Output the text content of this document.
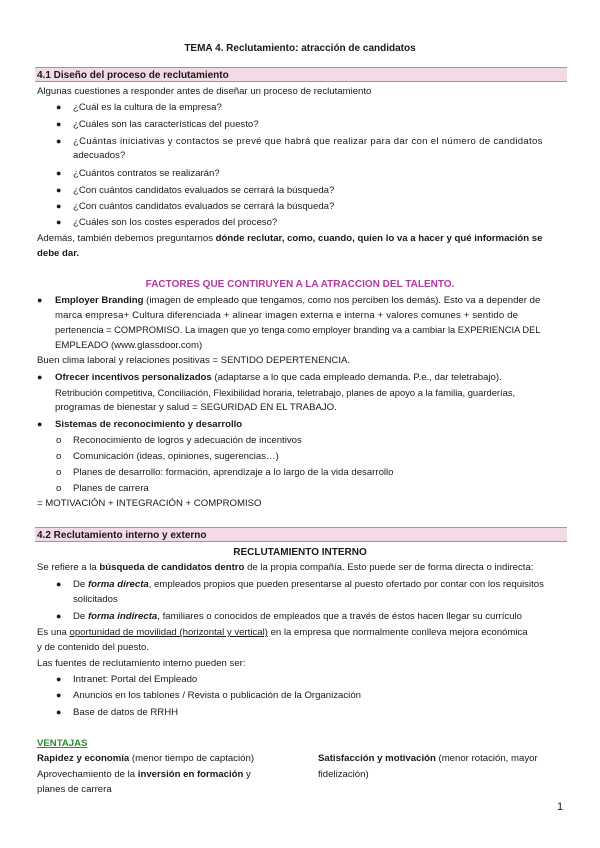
TEMA 4. Reclutamiento: atracción de candidatos
4.1 Diseño del proceso de reclutamiento
Algunas cuestiones a responder antes de diseñar un proceso de reclutamiento
● ¿Cuál es la cultura de la empresa?
● ¿Cuáles son las características del puesto?
● ¿Cuántas iniciativas y contactos se prevé que habrá que realizar para dar con el número de candidatos
adecuados?
● ¿Cuántos contratos se realizarán?
● ¿Con cuántos candidatos evaluados se cerrará la búsqueda?
● ¿Con cuántos candidatos evaluados se cerrará la búsqueda?
● ¿Cuáles son los costes esperados del proceso?
Además, también debemos preguntarnos dónde reclutar, como, cuando, quien lo va a hacer y qué información se
debe dar.
FACTORES QUE CONTIRUYEN A LA ATRACCION DEL TALENTO.
● Employer Branding (imagen de empleado que tengamos, como nos perciben los demás). Esto va a depender de
marca empresa+ Cultura diferenciada + alinear imagen externa e interna + valores comunes + sentido de
pertenencia = COMPROMISO. La imagen que yo tenga como employer branding va a cambiar la EXPERIENCIA DEL
EMPLEADO (www.glassdoor.com)
Buen clima laboral y relaciones positivas = SENTIDO DEPERTENENCIA.
● Ofrecer incentivos personalizados (adaptarse a lo que cada empleado demanda. P.e., dar teletrabajo).
Retribución competitiva, Conciliación, Flexibilidad horaria, teletrabajo, planes de apoyo a la familia, guarderías,
programas de bienestar y salud = SEGURIDAD EN EL TRABAJO.
● Sistemas de reconocimiento y desarrollo
o Reconocimiento de logros y adecuación de incentivos
o Comunicación (ideas, opiniones, sugerencias…)
o Planes de desarrollo: formación, aprendizaje a lo largo de la vida desarrollo
o Planes de carrera
= MOTIVACIÓN + INTEGRACIÓN + COMPROMISO
4.2 Reclutamiento interno y externo
RECLUTAMIENTO INTERNO
Se refiere a la búsqueda de candidatos dentro de la propia compañía. Esto puede ser de forma directa o indirecta:
● De forma directa, empleados propios que pueden presentarse al puesto ofertado por contar con los requisitos
solicitados
● De forma indirecta, familiares o conocidos de empleados que a través de éstos hacen llegar su currículo
Es una oportunidad de movilidad (horizontal y vertical) en la empresa que normalmente conlleva mejora económica
y de contenido del puesto.
Las fuentes de reclutamiento interno pueden ser:
● Intranet: Portal del Empleado
● Anuncios en los tablones / Revista o publicación de la Organización
● Base de datos de RRHH
VENTAJAS
Rapidez y economía (menor tiempo de captación)
Aprovechamiento de la inversión en formación y
planes de carrera
Satisfacción y motivación (menor rotación, mayor
fidelización)
1
